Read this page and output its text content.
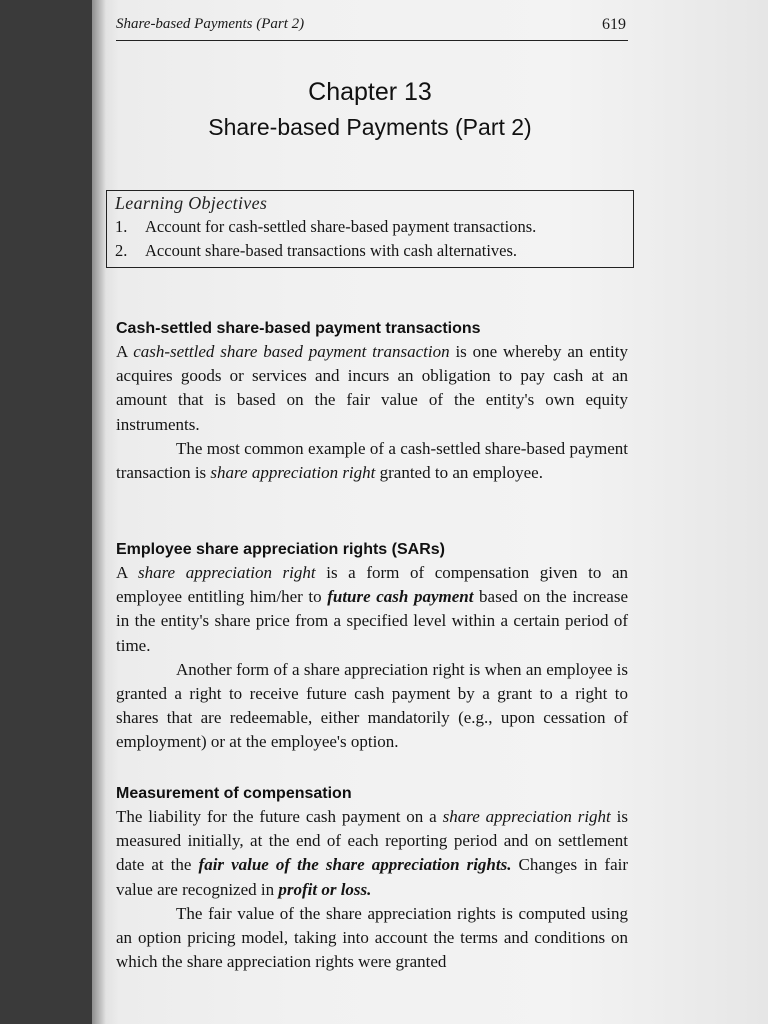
Share-based Payments (Part 2)	619
Chapter 13
Share-based Payments (Part 2)
Learning Objectives
1. Account for cash-settled share-based payment transactions.
2. Account share-based transactions with cash alternatives.
Cash-settled share-based payment transactions

A cash-settled share based payment transaction is one whereby an entity acquires goods or services and incurs an obligation to pay cash at an amount that is based on the fair value of the entity's own equity instruments.

The most common example of a cash-settled share-based payment transaction is share appreciation right granted to an employee.

Employee share appreciation rights (SARs)

A share appreciation right is a form of compensation given to an employee entitling him/her to future cash payment based on the increase in the entity's share price from a specified level within a certain period of time.

Another form of a share appreciation right is when an employee is granted a right to receive future cash payment by a grant to a right to shares that are redeemable, either mandatorily (e.g., upon cessation of employment) or at the employee's option.

Measurement of compensation

The liability for the future cash payment on a share appreciation right is measured initially, at the end of each reporting period and on settlement date at the fair value of the share appreciation rights. Changes in fair value are recognized in profit or loss.

The fair value of the share appreciation rights is computed using an option pricing model, taking into account the terms and conditions on which the share appreciation rights were granted
